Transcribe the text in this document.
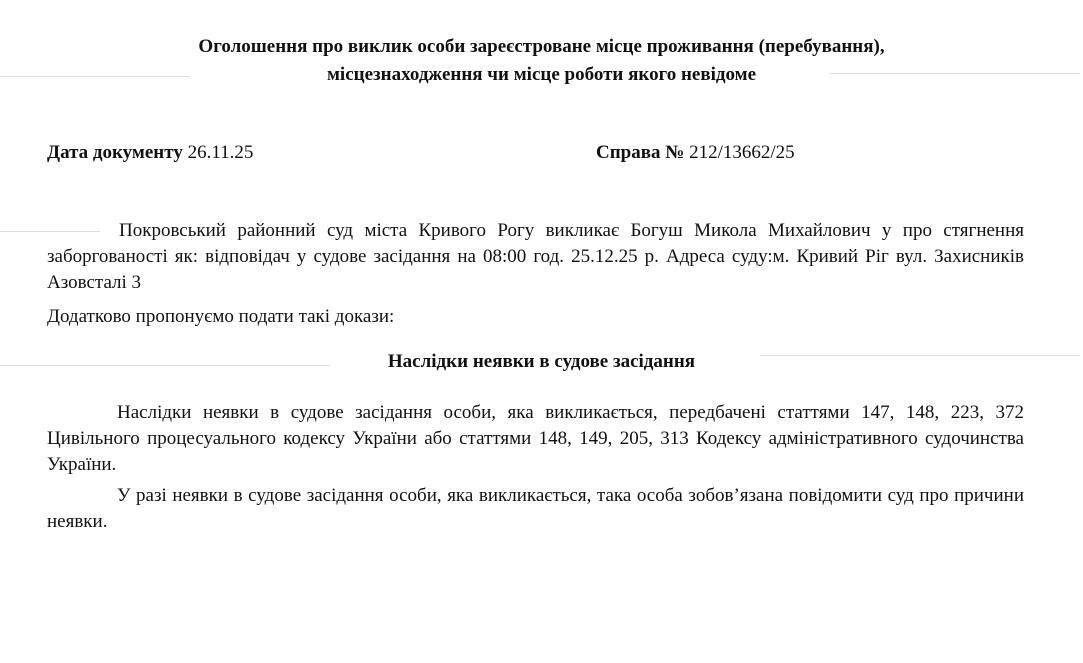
Оголошення про виклик особи зареєстроване місце проживання (перебування),
місцезнаходження чи місце роботи якого невідоме
Дата документу 26.11.25	Справа № 212/13662/25
Покровський районний суд міста Кривого Рогу викликає Богуш Микола Михайлович у про стягнення заборгованості як: відповідач у судове засідання на 08:00 год. 25.12.25 р. Адреса суду:м. Кривий Ріг вул. Захисників Азовсталі 3
Додатково пропонуємо подати такі докази:
Наслідки неявки в судове засідання
Наслідки неявки в судове засідання особи, яка викликається, передбачені статтями 147, 148, 223, 372 Цивільного процесуального кодексу України або статтями 148, 149, 205, 313 Кодексу адміністративного судочинства України.
У разі неявки в судове засідання особи, яка викликається, така особа зобов’язана повідомити суд про причини неявки.
